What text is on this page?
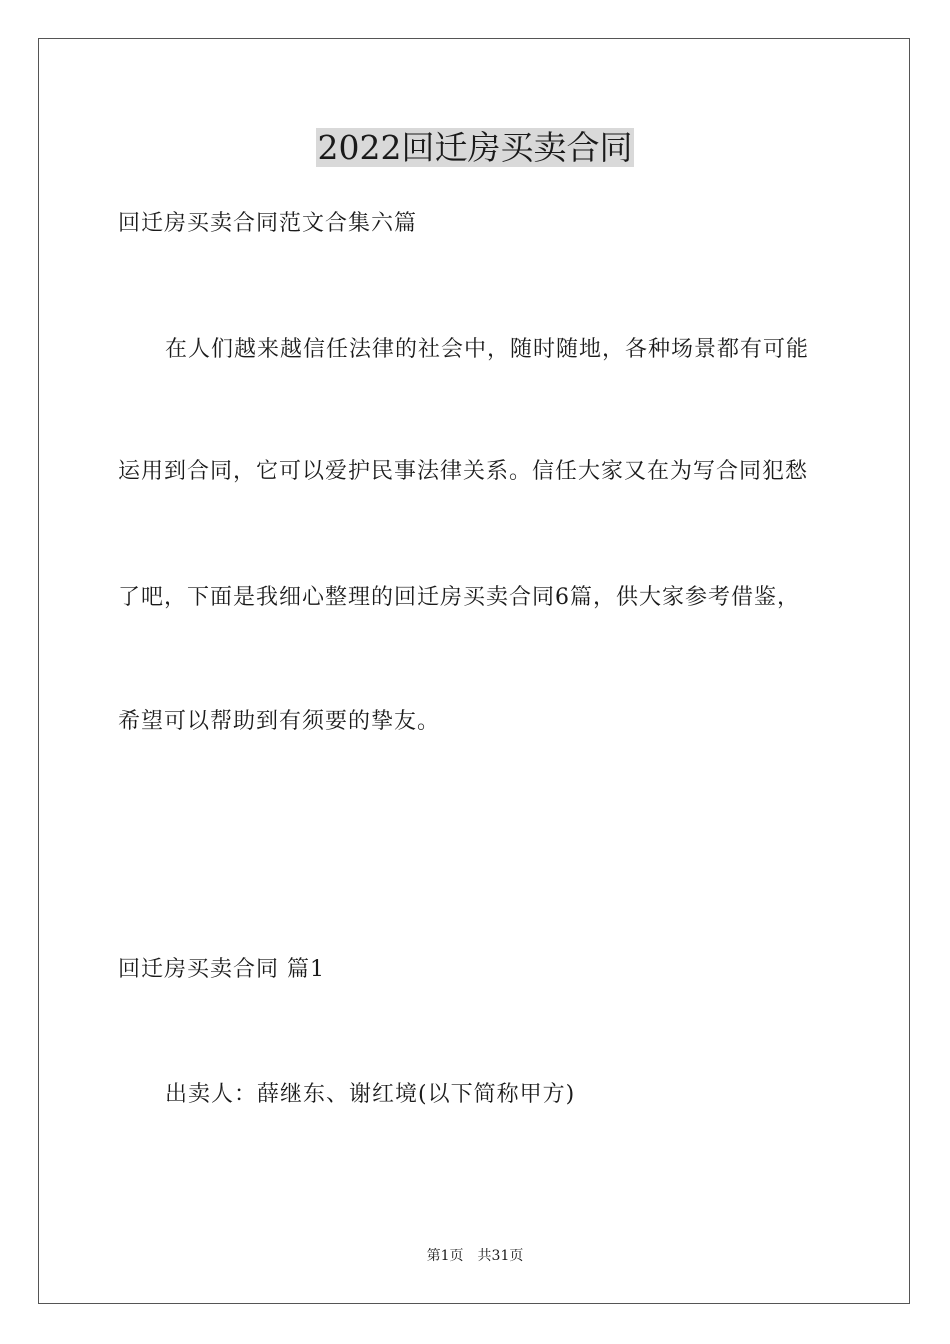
2022回迁房买卖合同
回迁房买卖合同范文合集六篇
在人们越来越信任法律的社会中，随时随地，各种场景都有可能
运用到合同，它可以爱护民事法律关系。信任大家又在为写合同犯愁
了吧，下面是我细心整理的回迁房买卖合同6篇，供大家参考借鉴，
希望可以帮助到有须要的挚友。
回迁房买卖合同 篇1
出卖人：薛继东、谢红境(以下简称甲方)
第1页　共31页
